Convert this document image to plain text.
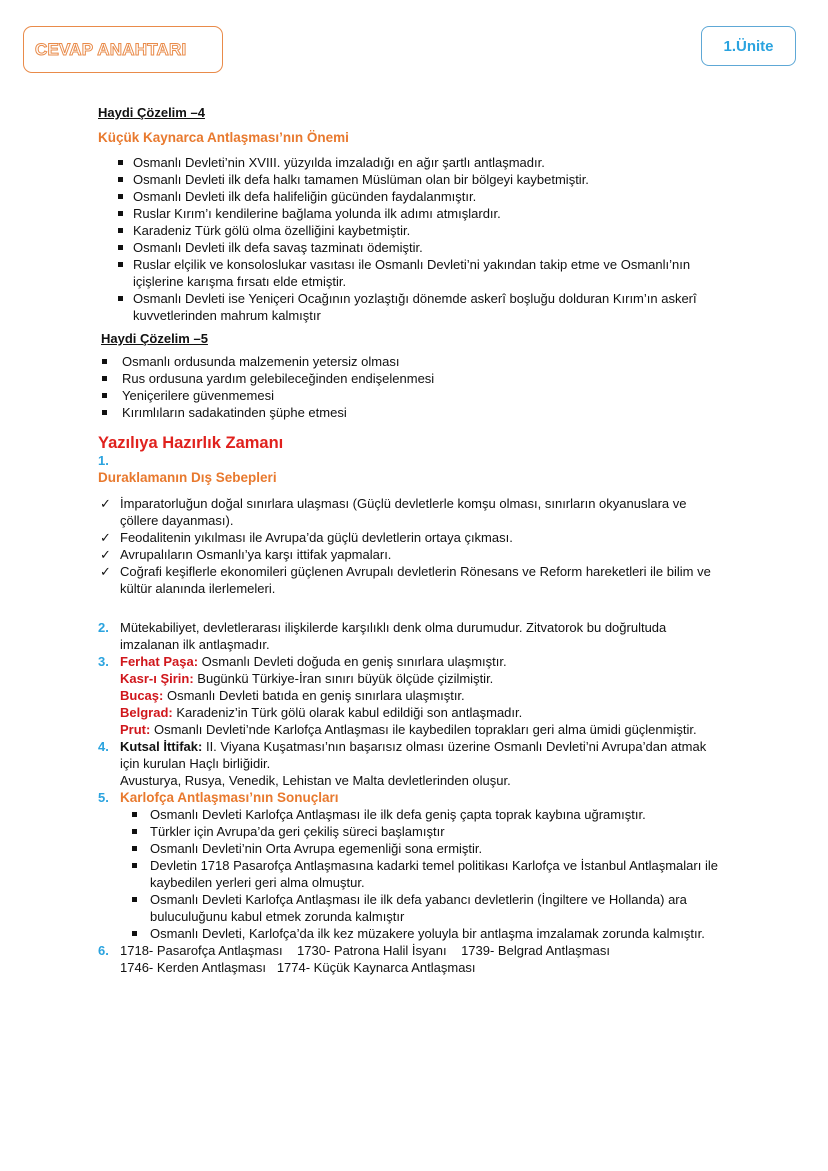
CEVAP ANAHTARI	1.Ünite
Haydi Çözelim –4
Küçük Kaynarca Antlaşması’nın Önemi
Osmanlı Devleti’nin XVIII. yüzyılda imzaladığı en ağır şartlı antlaşmadır.
Osmanlı Devleti ilk defa halkı tamamen Müslüman olan bir bölgeyi kaybetmiştir.
Osmanlı Devleti ilk defa halifeliğin gücünden faydalanmıştır.
Ruslar Kırım’ı kendilerine bağlama yolunda ilk adımı atmışlardır.
Karadeniz Türk gölü olma özelliğini kaybetmiştir.
Osmanlı Devleti ilk defa savaş tazminatı ödemiştir.
Ruslar elçilik ve konsoloslukar vasıtası ile Osmanlı Devleti’ni yakından takip etme ve Osmanlı’nın içişlerine karışma fırsatı elde etmiştir.
Osmanlı Devleti ise Yeniçeri Ocağının yozlaştığı dönemde askerî boşluğu dolduran Kırım’ın askerî kuvvetlerinden mahrum kalmıştır
Haydi Çözelim –5
Osmanlı ordusunda malzemenin yetersiz olması
Rus ordusuna yardım gelebileceğinden endişelenmesi
Yeniçerilere güvenmemesi
Kırımlıların sadakatinden şüphe etmesi
Yazılıya Hazırlık Zamanı
1.
Duraklamanın Dış Sebepleri
✓ İmparatorluğun doğal sınırlara ulaşması (Güçlü devletlerle komşu olması, sınırların okyanuslara ve çöllere dayanması).
✓ Feodalitenin yıkılması ile Avrupa’da güçlü devletlerin ortaya çıkması.
✓ Avrupalıların Osmanlı’ya karşı ittifak yapmaları.
✓ Coğrafi keşiflerle ekonomileri güçlenen Avrupalı devletlerin Rönesans ve Reform hareketleri ile bilim ve kültür alanında ilerlemeleri.
2. Mütekabiliyet, devletlerarası ilişkilerde karşılıklı denk olma durumudur. Zitvatorok bu doğrultuda imzalanan ilk antlaşmadır.
3. Ferhat Paşa: Osmanlı Devleti doğuda en geniş sınırlara ulaşmıştır.
Kasr-ı Şirin: Bugünkü Türkiye-İran sınırı büyük ölçüde çizilmiştir.
Bucaş: Osmanlı Devleti batıda en geniş sınırlara ulaşmıştır.
Belgrad: Karadeniz’in Türk gölü olarak kabul edildiği son antlaşmadır.
Prut: Osmanlı Devleti’nde Karlofça Antlaşması ile kaybedilen toprakları geri alma ümidi güçlenmiştir.
4. Kutsal İttifak: II. Viyana Kuşatması’nın başarısız olması üzerine Osmanlı Devleti’ni Avrupa’dan atmak için kurulan Haçlı birliğidir.
Avusturya, Rusya, Venedik, Lehistan ve Malta devletlerinden oluşur.
5. Karlofça Antlaşması’nın Sonuçları
Osmanlı Devleti Karlofça Antlaşması ile ilk defa geniş çapta toprak kaybına uğramıştır.
Türkler için Avrupa’da geri çekiliş süreci başlamıştır
Osmanlı Devleti’nin Orta Avrupa egemenliği sona ermiştir.
Devletin 1718 Pasarofça Antlaşmasına kadarki temel politikası Karlofça ve İstanbul Antlaşmaları ile kaybedilen yerleri geri alma olmuştur.
Osmanlı Devleti Karlofça Antlaşması ile ilk defa yabancı devletlerin (İngiltere ve Hollanda) ara buluculuğunu kabul etmek zorunda kalmıştır
Osmanlı Devleti, Karlofça’da ilk kez müzakere yoluyla bir antlaşma imzalamak zorunda kalmıştır.
6. 1718- Pasarofça Antlaşması    1730- Patrona Halil İsyanı    1739- Belgrad Antlaşması
1746- Kerden Antlaşması   1774- Küçük Kaynarca Antlaşması
